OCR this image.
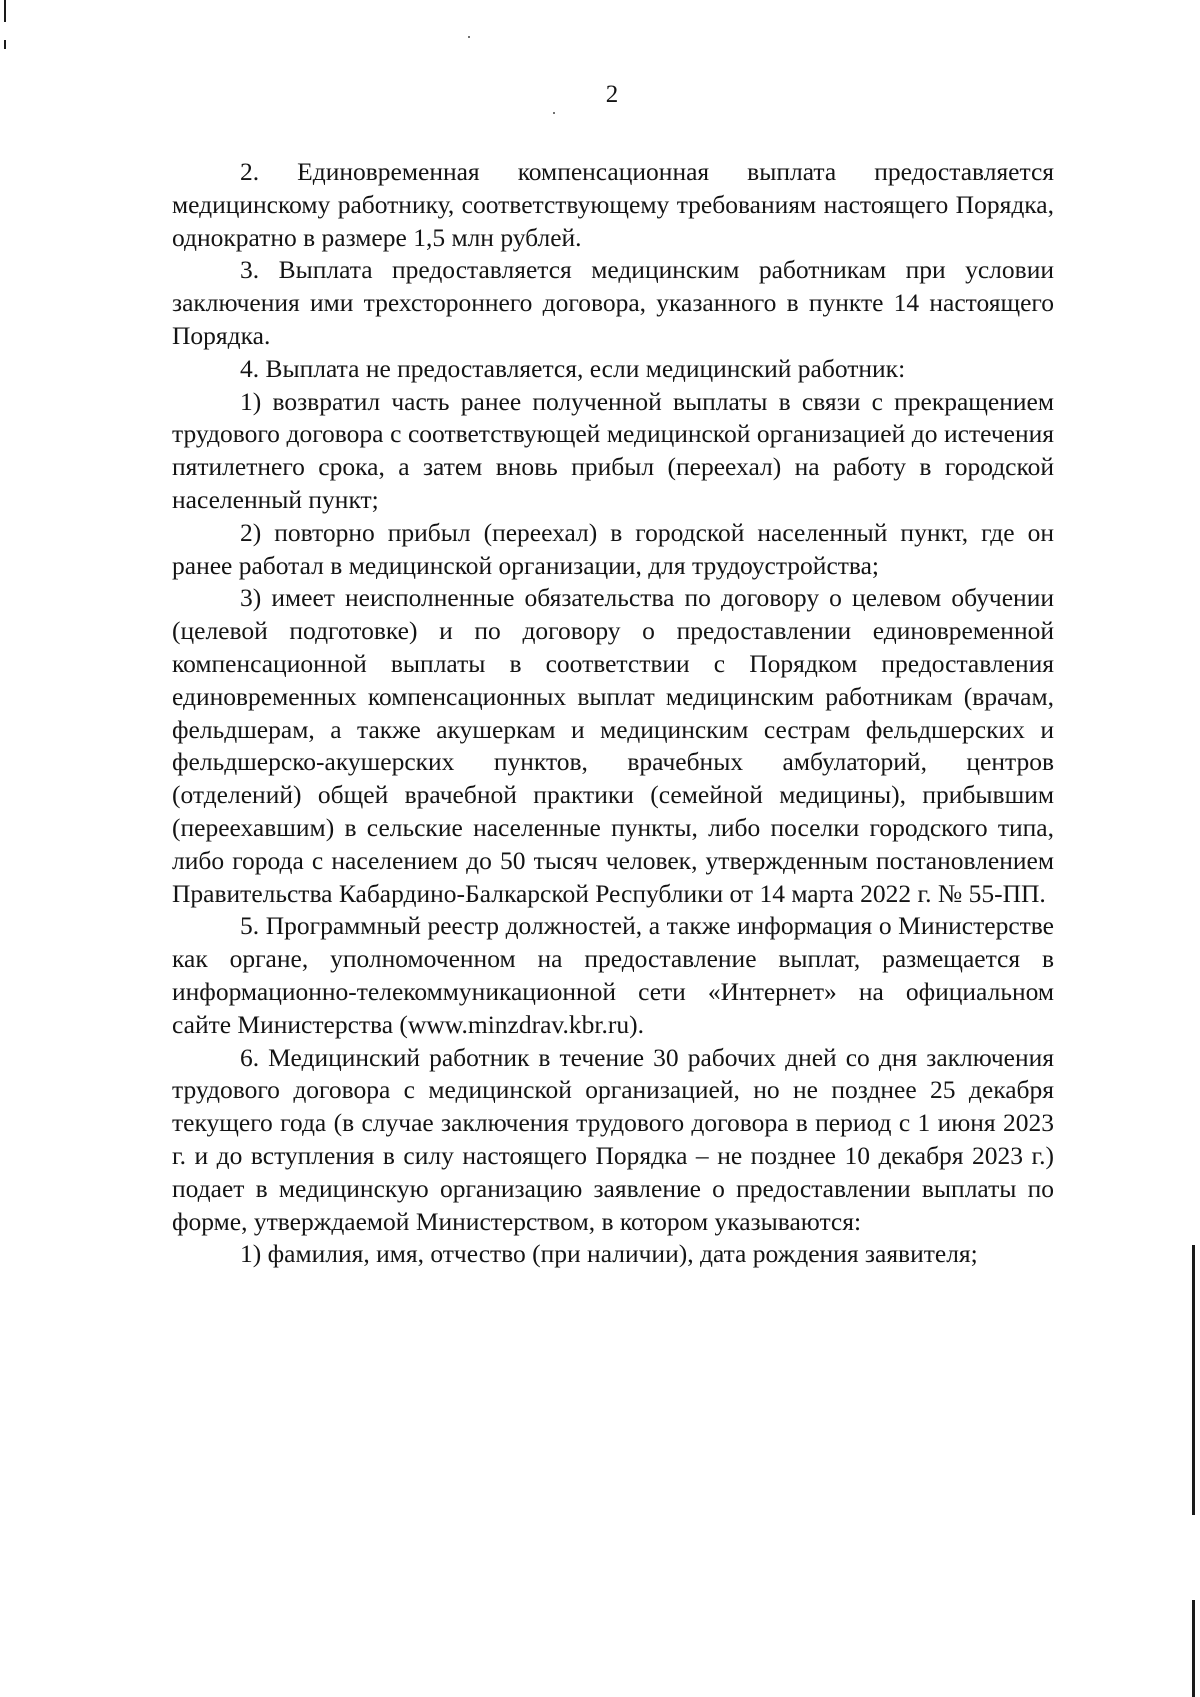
2

2. Единовременная компенсационная выплата предоставляется медицинскому работнику, соответствующему требованиям настоящего Порядка, однократно в размере 1,5 млн рублей.

3. Выплата предоставляется медицинским работникам при условии заключения ими трехстороннего договора, указанного в пункте 14 настоящего Порядка.

4. Выплата не предоставляется, если медицинский работник:

1) возвратил часть ранее полученной выплаты в связи с прекращением трудового договора с соответствующей медицинской организацией до истечения пятилетнего срока, а затем вновь прибыл (переехал) на работу в городской населенный пункт;

2) повторно прибыл (переехал) в городской населенный пункт, где он ранее работал в медицинской организации, для трудоустройства;

3) имеет неисполненные обязательства по договору о целевом обучении (целевой подготовке) и по договору о предоставлении единовременной компенсационной выплаты в соответствии с Порядком предоставления единовременных компенсационных выплат медицинским работникам (врачам, фельдшерам, а также акушеркам и медицинским сестрам фельдшерских и фельдшерско-акушерских пунктов, врачебных амбулаторий, центров (отделений) общей врачебной практики (семейной медицины), прибывшим (переехавшим) в сельские населенные пункты, либо поселки городского типа, либо города с населением до 50 тысяч человек, утвержденным постановлением Правительства Кабардино-Балкарской Республики от 14 марта 2022 г. № 55-ПП.

5. Программный реестр должностей, а также информация о Министерстве как органе, уполномоченном на предоставление выплат, размещается в информационно-телекоммуникационной сети «Интернет» на официальном сайте Министерства (www.minzdrav.kbr.ru).

6. Медицинский работник в течение 30 рабочих дней со дня заключения трудового договора с медицинской организацией, но не позднее 25 декабря текущего года (в случае заключения трудового договора в период с 1 июня 2023 г. и до вступления в силу настоящего Порядка – не позднее 10 декабря 2023 г.) подает в медицинскую организацию заявление о предоставлении выплаты по форме, утверждаемой Министерством, в котором указываются:

1) фамилия, имя, отчество (при наличии), дата рождения заявителя;
